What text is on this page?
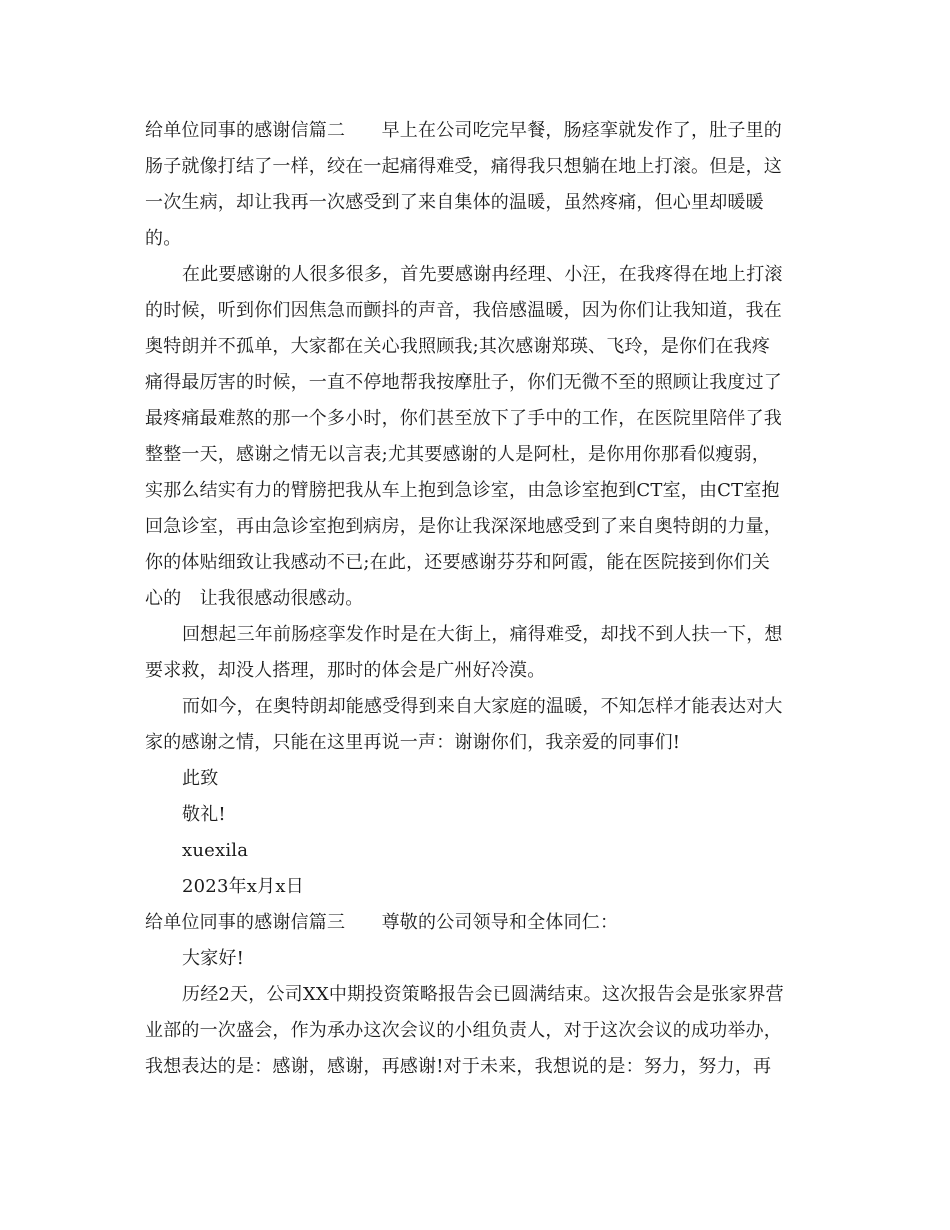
给单位同事的感谢信篇二　　早上在公司吃完早餐，肠痉挛就发作了，肚子里的
肠子就像打结了一样，绞在一起痛得难受，痛得我只想躺在地上打滚。但是，这
一次生病，却让我再一次感受到了来自集体的温暖，虽然疼痛，但心里却暖暖
的。
在此要感谢的人很多很多，首先要感谢冉经理、小汪，在我疼得在地上打滚
的时候，听到你们因焦急而颤抖的声音，我倍感温暖，因为你们让我知道，我在
奥特朗并不孤单，大家都在关心我照顾我;其次感谢郑瑛、飞玲，是你们在我疼
痛得最厉害的时候，一直不停地帮我按摩肚子，你们无微不至的照顾让我度过了
最疼痛最难熬的那一个多小时，你们甚至放下了手中的工作，在医院里陪伴了我
整整一天，感谢之情无以言表;尤其要感谢的人是阿杜，是你用你那看似瘦弱，
实那么结实有力的臂膀把我从车上抱到急诊室，由急诊室抱到CT室，由CT室抱
回急诊室，再由急诊室抱到病房，是你让我深深地感受到了来自奥特朗的力量，
你的体贴细致让我感动不已;在此，还要感谢芬芬和阿霞，能在医院接到你们关
心的　让我很感动很感动。
回想起三年前肠痉挛发作时是在大街上，痛得难受，却找不到人扶一下，想
要求救，却没人搭理，那时的体会是广州好冷漠。
而如今，在奥特朗却能感受得到来自大家庭的温暖，不知怎样才能表达对大
家的感谢之情，只能在这里再说一声：谢谢你们，我亲爱的同事们!
此致
敬礼!
xuexila
2023年x月x日
给单位同事的感谢信篇三　　尊敬的公司领导和全体同仁：
大家好!
历经2天，公司XX中期投资策略报告会已圆满结束。这次报告会是张家界营
业部的一次盛会，作为承办这次会议的小组负责人，对于这次会议的成功举办，
我想表达的是：感谢，感谢，再感谢!对于未来，我想说的是：努力，努力，再
